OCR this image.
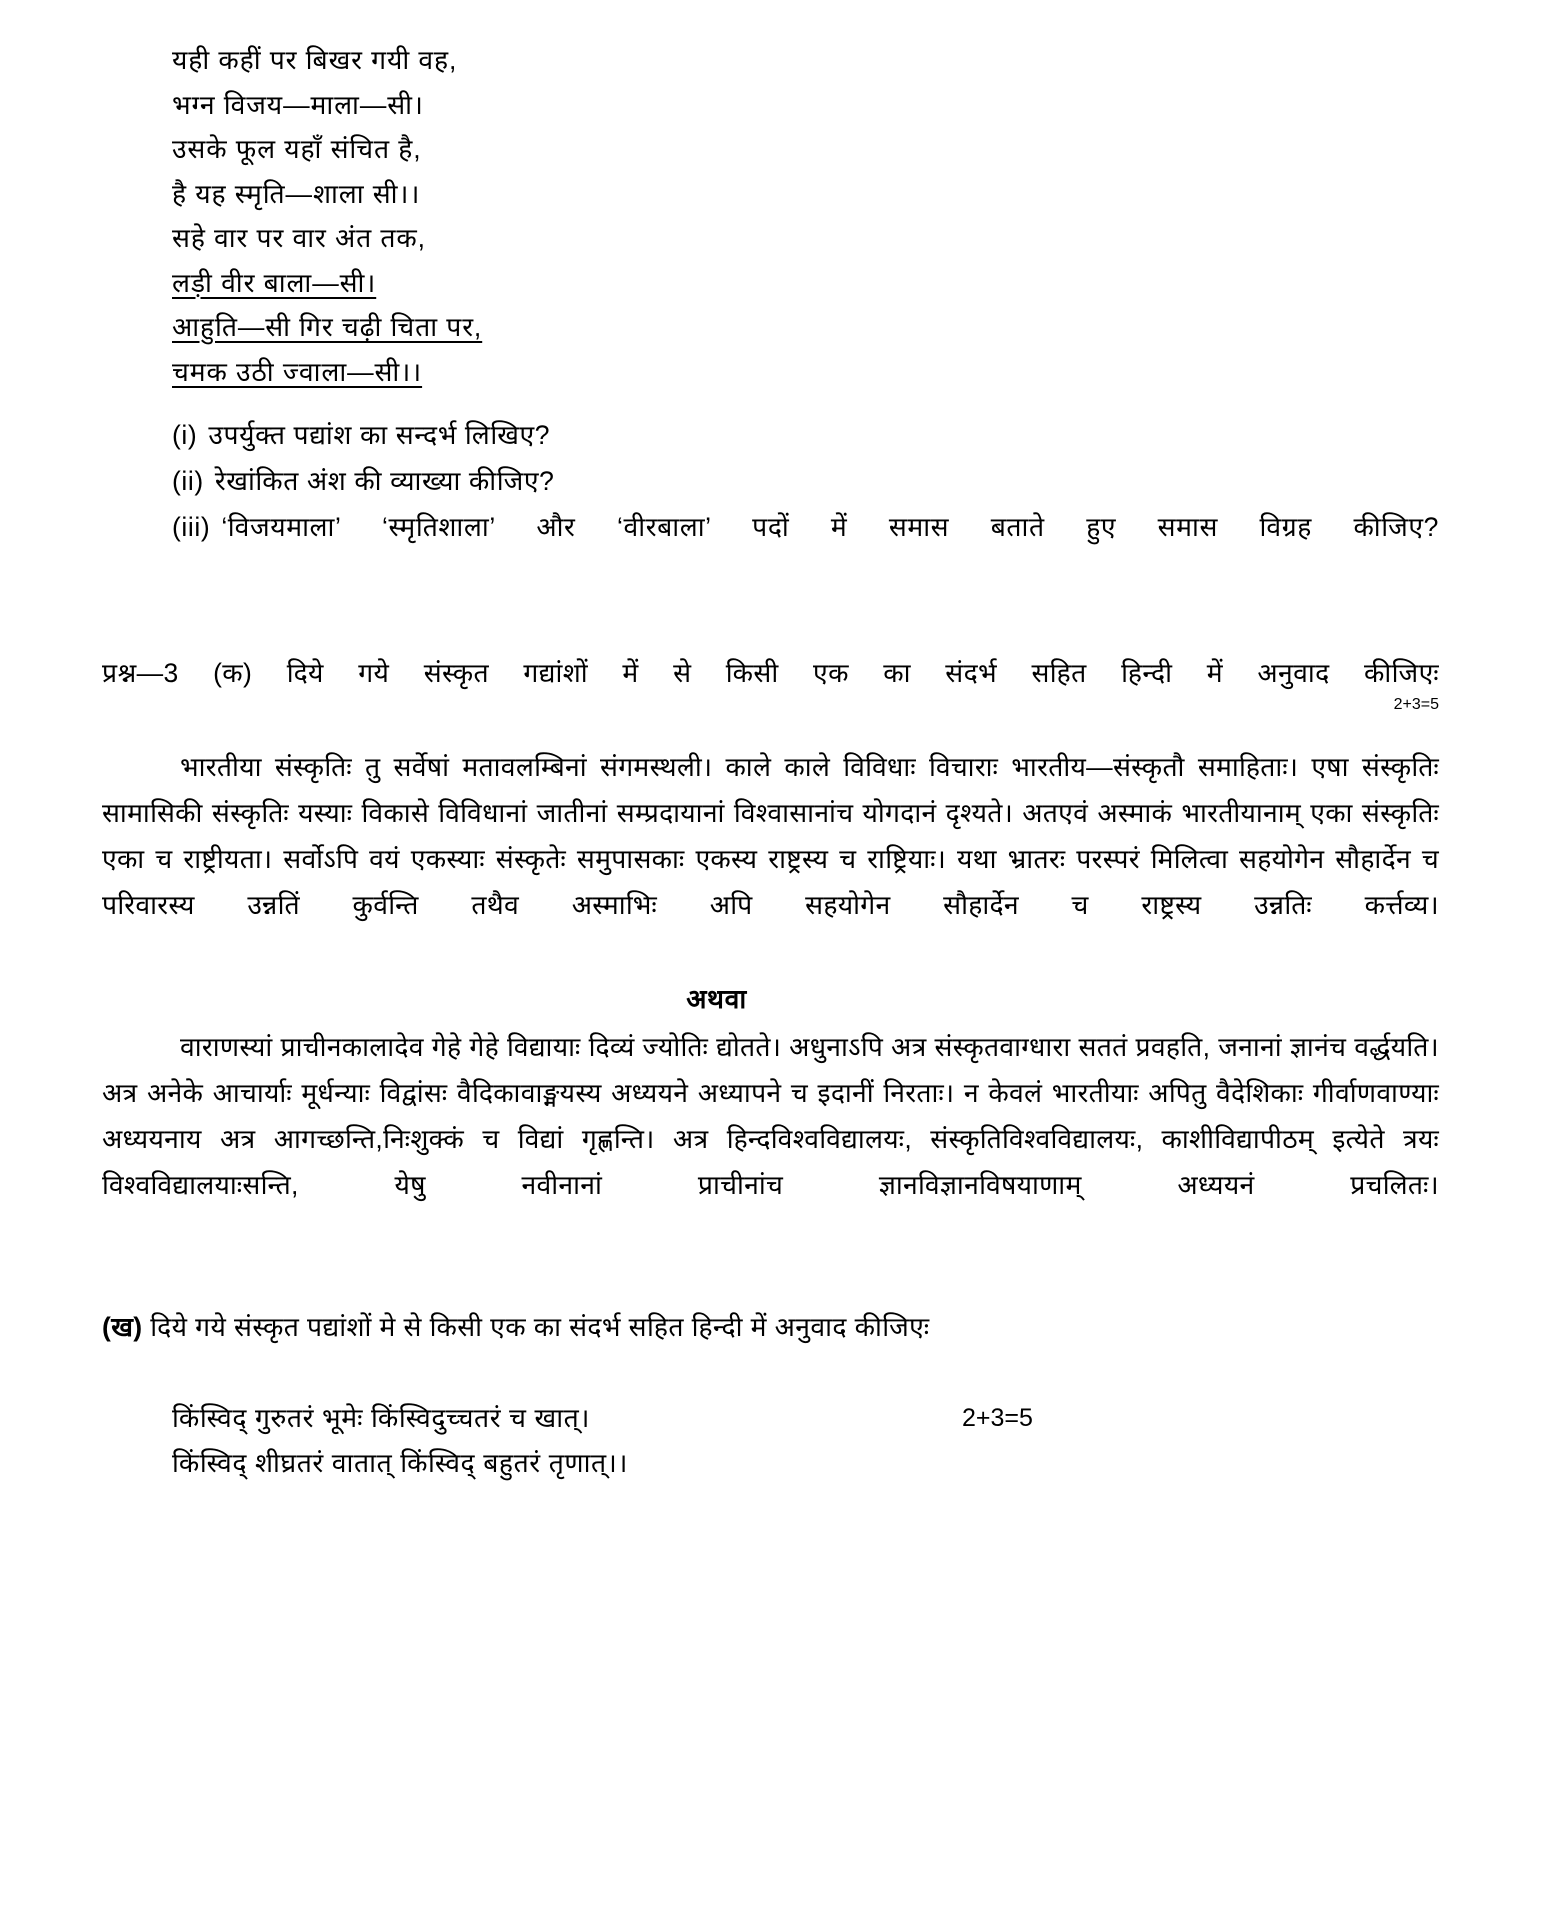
यही कहीं पर बिखर गयी वह,
भग्न विजय—माला—सी।
उसके फूल यहॉं संचित है,
है यह स्मृति—शाला सी।।
सहे वार पर वार अंत तक,
लड़ी वीर बाला—सी।
आहुति—सी गिर चढ़ी चिता पर,
चमक उठी ज्वाला—सी।।
(i) उपर्युक्त पद्यांश का सन्दर्भ लिखिए?
(ii) रेखांकित अंश की व्याख्या कीजिए?
(iii) ‘विजयमाला’ ‘स्मृतिशाला’ और ‘वीरबाला’ पदों में समास बताते हुए समास विग्रह कीजिए?
प्रश्न—3 (क) दिये गये संस्कृत गद्यांशों में से किसी एक का संदर्भ सहित हिन्दी में अनुवाद कीजिएः
2+3=5
भारतीया संस्कृतिः तु सर्वेषां मतावलम्बिनां संगमस्थली। काले काले विविधाः विचाराः भारतीय—संस्कृतौ समाहिताः। एषा संस्कृतिः सामासिकी संस्कृतिः यस्याः विकासे विविधानां जातीनां सम्प्रदायानां विश्वासानांच योगदानं दृश्यते। अतएवं अस्माकं भारतीयानाम् एका संस्कृतिः एका च राष्ट्रीयता। सर्वोऽपि वयं एकस्याः संस्कृतेः समुपासकाः एकस्य राष्ट्रस्य च राष्ट्रियाः। यथा भ्रातरः परस्परं मिलित्वा सहयोगेन सौहार्देन च परिवारस्य उन्नतिं कुर्वन्ति तथैव अस्माभिः अपि सहयोगेन सौहार्देन च राष्ट्रस्य उन्नतिः कर्त्तव्य।
अथवा
वाराणस्यां प्राचीनकालादेव गेहे गेहे विद्यायाः दिव्यं ज्योतिः द्योतते। अधुनाऽपि अत्र संस्कृतवाग्धारा सततं प्रवहति, जनानां ज्ञानंच वर्द्धयति। अत्र अनेके आचार्याः मूर्धन्याः विद्वांसः वैदिकावाङ्मयस्य अध्ययने अध्यापने च इदानीं निरताः। न केवलं भारतीयाः अपितु वैदेशिकाः गीर्वाणवाण्याः अध्ययनाय अत्र आगच्छन्ति,निःशुक्कं च विद्यां गृह्णन्ति। अत्र हिन्दविश्वविद्यालयः, संस्कृतिविश्वविद्यालयः, काशीविद्यापीठम् इत्येते त्रयः विश्वविद्यालयाःसन्ति, येषु नवीनानां प्राचीनांच ज्ञानविज्ञानविषयाणाम् अध्ययनं प्रचलितः।
(ख) दिये गये संस्कृत पद्यांशों मे से किसी एक का संदर्भ सहित हिन्दी में अनुवाद कीजिएः
किंस्विद् गुरुतरं भूमेः किंस्विदुच्चतरं च खात्।	2+3=5
किंस्विद् शीघ्रतरं वातात् किंस्विद् बहुतरं तृणात्।।
